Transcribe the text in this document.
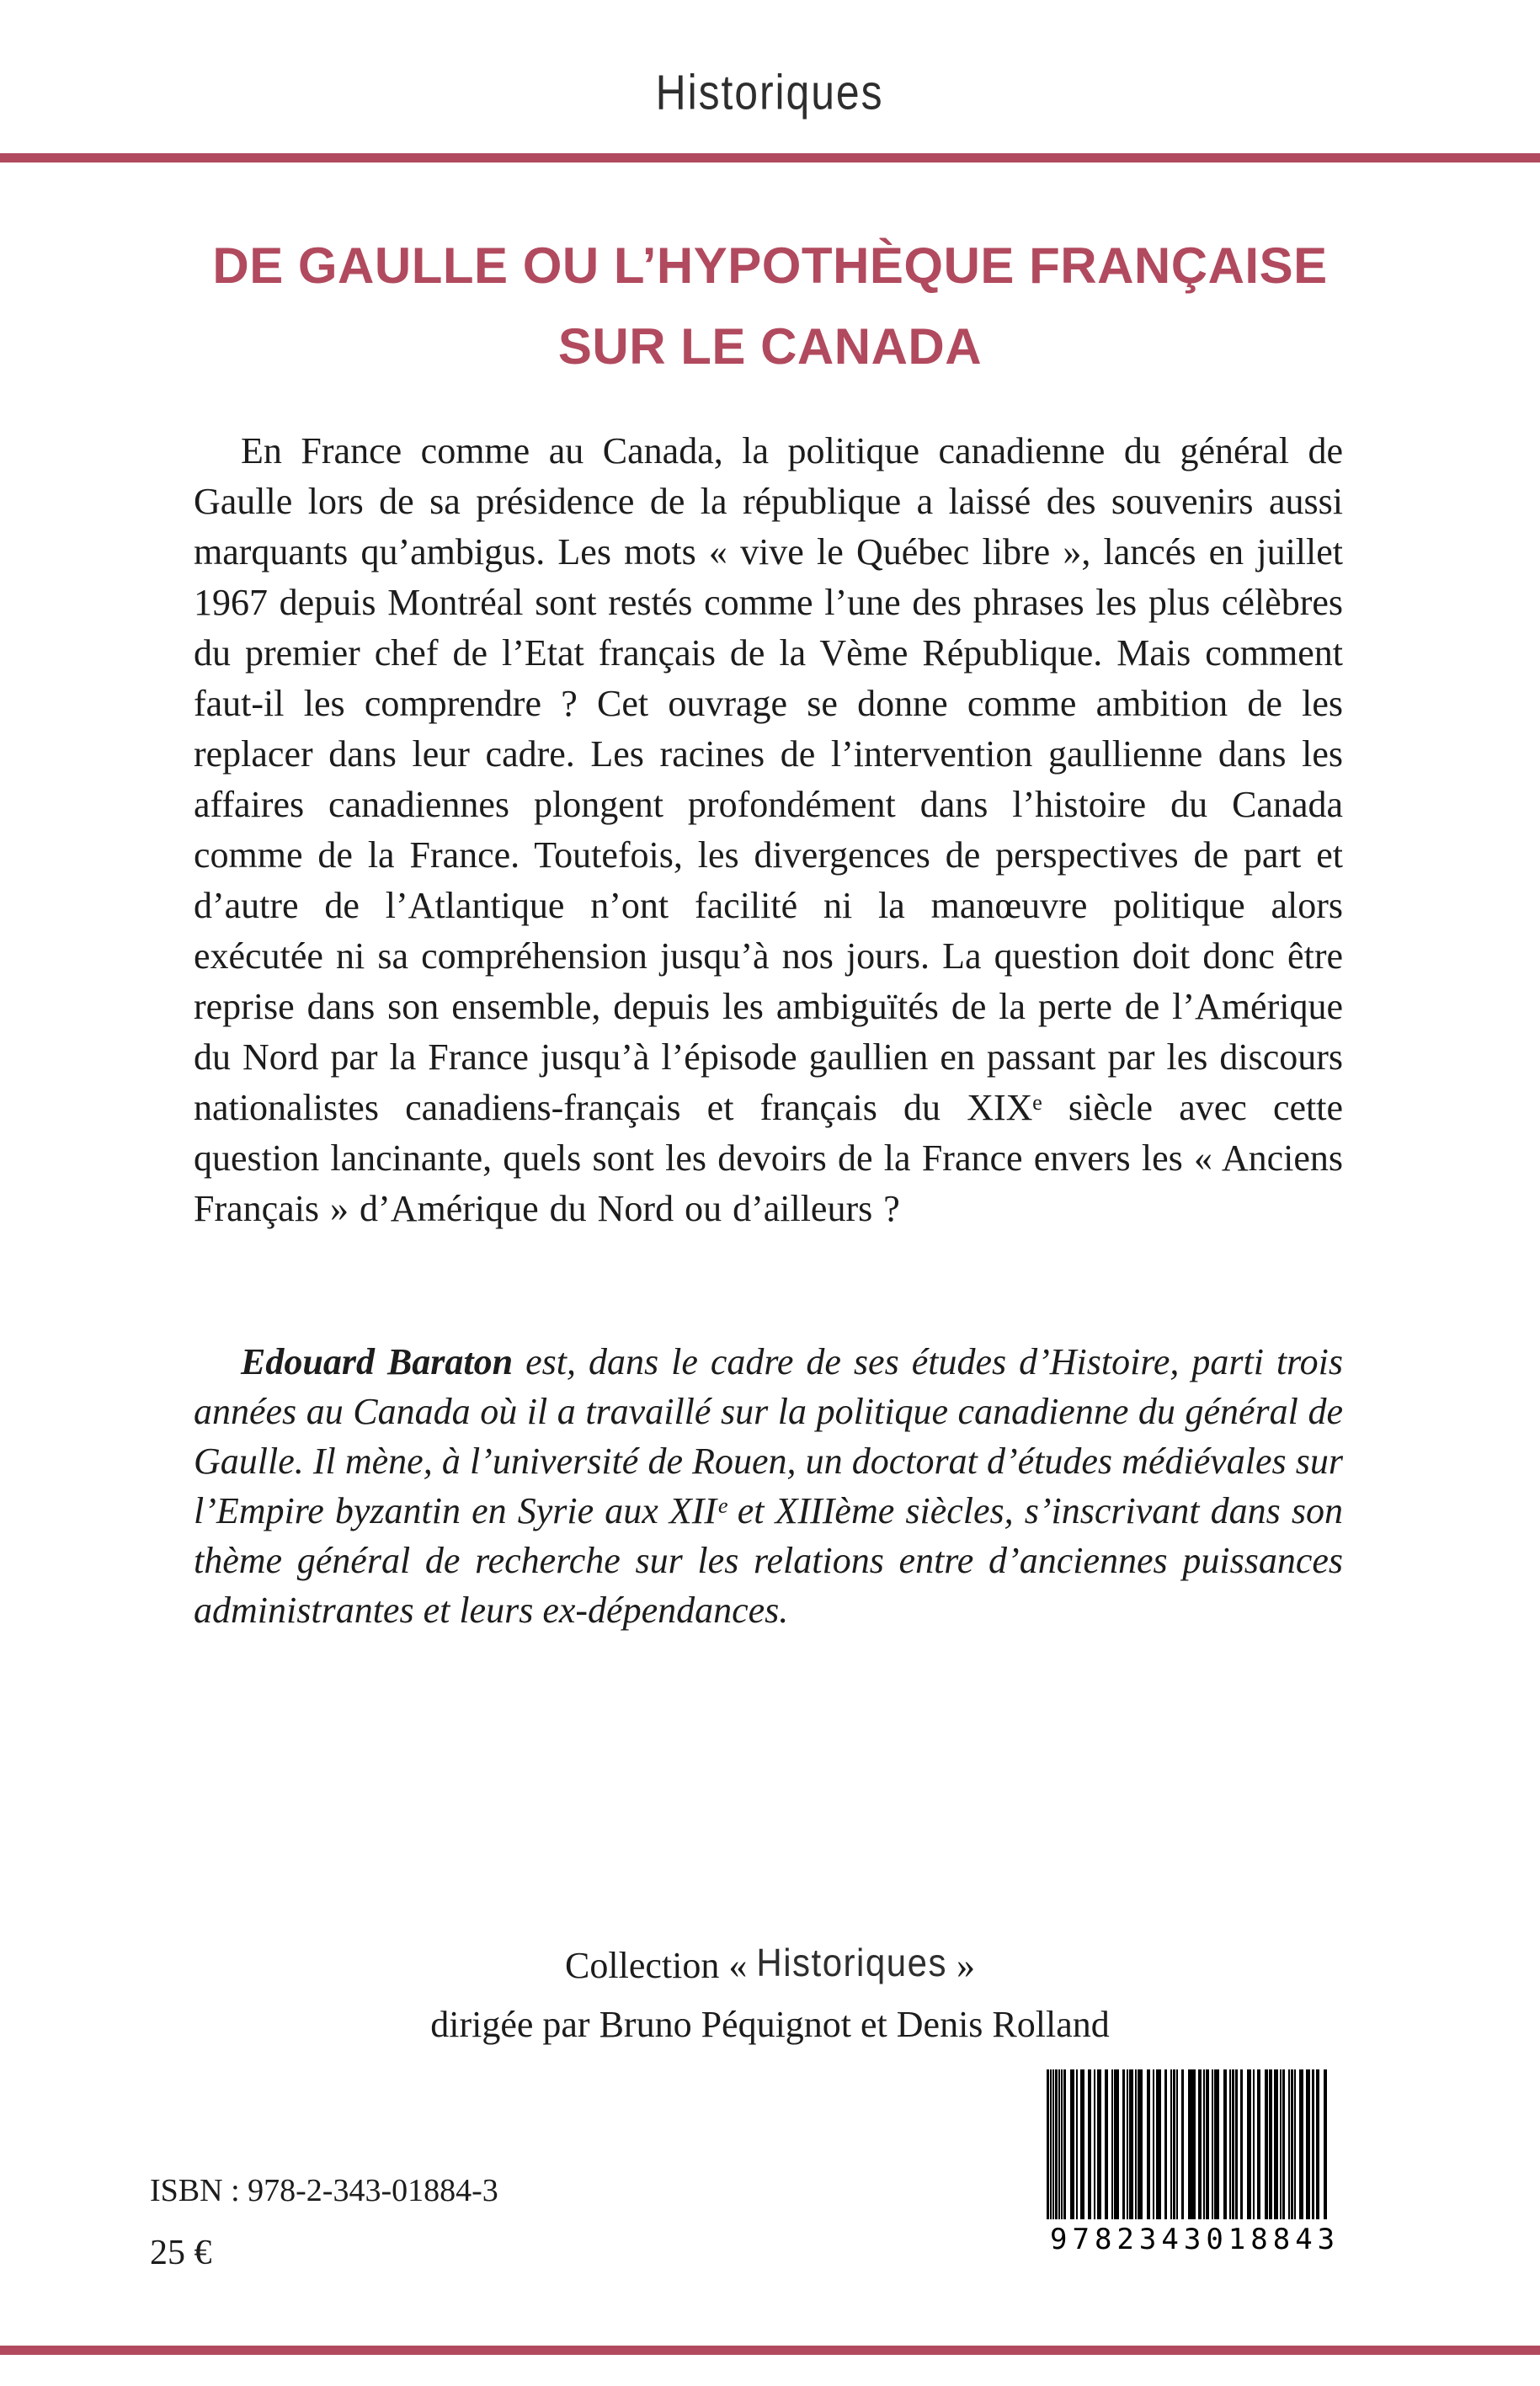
Historiques
DE GAULLE OU L’HYPOTHÈQUE FRANÇAISE
SUR LE CANADA

En France comme au Canada, la politique canadienne du général de Gaulle lors de sa présidence de la république a laissé des souvenirs aussi marquants qu’ambigus. Les mots « vive le Québec libre », lancés en juillet 1967 depuis Montréal sont restés comme l’une des phrases les plus célèbres du premier chef de l’Etat français de la Vème République. Mais comment faut-il les comprendre ? Cet ouvrage se donne comme ambition de les replacer dans leur cadre. Les racines de l’intervention gaullienne dans les affaires canadiennes plongent profondément dans l’histoire du Canada comme de la France. Toutefois, les divergences de perspectives de part et d’autre de l’Atlantique n’ont facilité ni la manœuvre politique alors exécutée ni sa compréhension jusqu’à nos jours. La question doit donc être reprise dans son ensemble, depuis les ambiguïtés de la perte de l’Amérique du Nord par la France jusqu’à l’épisode gaullien en passant par les discours nationalistes canadiens-français et français du XIXᵉ siècle avec cette question lancinante, quels sont les devoirs de la France envers les « Anciens Français » d’Amérique du Nord ou d’ailleurs ?

Edouard Baraton est, dans le cadre de ses études d’Histoire, parti trois années au Canada où il a travaillé sur la politique canadienne du général de Gaulle. Il mène, à l’université de Rouen, un doctorat d’études médiévales sur l’Empire byzantin en Syrie aux XIIᵉ et XIIIème siècles, s’inscrivant dans son thème général de recherche sur les relations entre d’anciennes puissances administrantes et leurs ex-dépendances.

Collection « Historiques »
dirigée par Bruno Péquignot et Denis Rolland
ISBN : 978-2-343-01884-3
25 €	9 782343 018843
